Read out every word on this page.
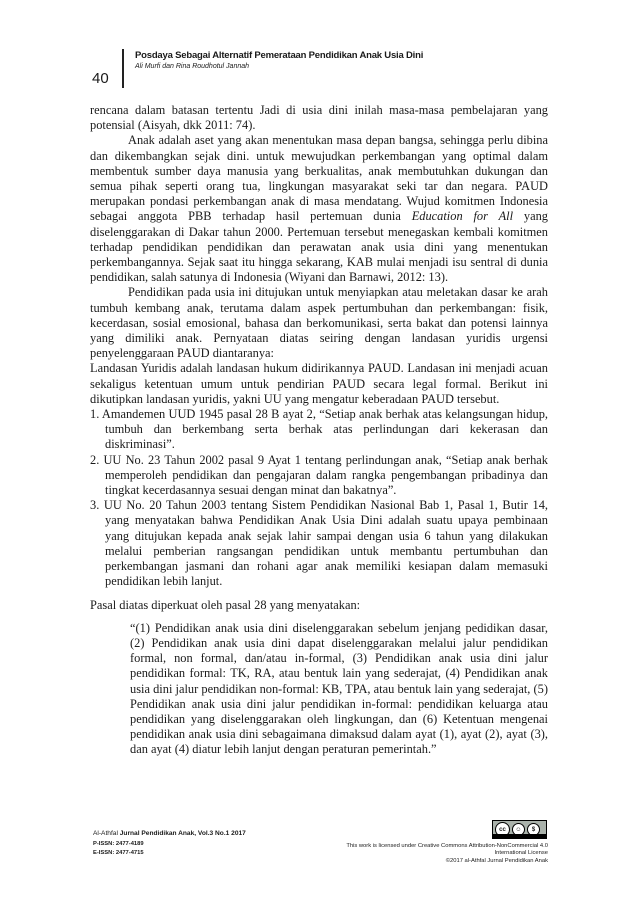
40
Posdaya Sebagai Alternatif Pemerataan Pendidikan Anak Usia Dini
Ali Murfi dan Rina Roudhotul Jannah

rencana dalam batasan tertentu Jadi di usia dini inilah masa-masa pembelajaran yang potensial (Aisyah, dkk 2011: 74).

Anak adalah aset yang akan menentukan masa depan bangsa, sehingga perlu dibina dan dikembangkan sejak dini. untuk mewujudkan perkembangan yang optimal dalam membentuk sumber daya manusia yang berkualitas, anak membutuhkan dukungan dan semua pihak seperti orang tua, lingkungan masyarakat seki tar dan negara. PAUD merupakan pondasi perkembangan anak di masa mendatang. Wujud komitmen Indonesia sebagai anggota PBB terhadap hasil pertemuan dunia Education for All yang diselenggarakan di Dakar tahun 2000. Pertemuan tersebut menegaskan kembali komitmen terhadap pendidikan pendidikan dan perawatan anak usia dini yang menentukan perkembangannya. Sejak saat itu hingga sekarang, KAB mulai menjadi isu sentral di dunia pendidikan, salah satunya di Indonesia (Wiyani dan Barnawi, 2012: 13).

Pendidikan pada usia ini ditujukan untuk menyiapkan atau meletakan dasar ke arah tumbuh kembang anak, terutama dalam aspek pertumbuhan dan perkembangan: fisik, kecerdasan, sosial emosional, bahasa dan berkomunikasi, serta bakat dan potensi lainnya yang dimiliki anak. Pernyataan diatas seiring dengan landasan yuridis urgensi penyelenggaraan PAUD diantaranya:

Landasan Yuridis adalah landasan hukum didirikannya PAUD. Landasan ini menjadi acuan sekaligus ketentuan umum untuk pendirian PAUD secara legal formal. Berikut ini dikutipkan landasan yuridis, yakni UU yang mengatur keberadaan PAUD tersebut.

1. Amandemen UUD 1945 pasal 28 B ayat 2, “Setiap anak berhak atas kelangsungan hidup, tumbuh dan berkembang serta berhak atas perlindungan dari kekerasan dan diskriminasi”.
2. UU No. 23 Tahun 2002 pasal 9 Ayat 1 tentang perlindungan anak, “Setiap anak berhak memperoleh pendidikan dan pengajaran dalam rangka pengembangan pribadinya dan tingkat kecerdasannya sesuai dengan minat dan bakatnya”.
3. UU No. 20 Tahun 2003 tentang Sistem Pendidikan Nasional Bab 1, Pasal 1, Butir 14, yang menyatakan bahwa Pendidikan Anak Usia Dini adalah suatu upaya pembinaan yang ditujukan kepada anak sejak lahir sampai dengan usia 6 tahun yang dilakukan melalui pemberian rangsangan pendidikan untuk membantu pertumbuhan dan perkembangan jasmani dan rohani agar anak memiliki kesiapan dalam memasuki pendidikan lebih lanjut.

Pasal diatas diperkuat oleh pasal 28 yang menyatakan:

“(1) Pendidikan anak usia dini diselenggarakan sebelum jenjang pedidikan dasar, (2) Pendidikan anak usia dini dapat diselenggarakan melalui jalur pendidikan formal, non formal, dan/atau in-formal, (3) Pendidikan anak usia dini jalur pendidikan formal: TK, RA, atau bentuk lain yang sederajat, (4) Pendidikan anak usia dini jalur pendidikan non-formal: KB, TPA, atau bentuk lain yang sederajat, (5) Pendidikan anak usia dini jalur pendidikan in-formal: pendidikan keluarga atau pendidikan yang diselenggarakan oleh lingkungan, dan (6) Ketentuan mengenai pendidikan anak usia dini sebagaimana dimaksud dalam ayat (1), ayat (2), ayat (3), dan ayat (4) diatur lebih lanjut dengan peraturan pemerintah.”

Al-Athfal Jurnal Pendidikan Anak, Vol.3 No.1 2017
P-ISSN: 2477-4189
E-ISSN: 2477-4715
cc	☺	$
This work is licensed under Creative Commons Attribution-NonCommercial 4.0
International License
©2017 al-Athfal Jurnal Pendidikan Anak
